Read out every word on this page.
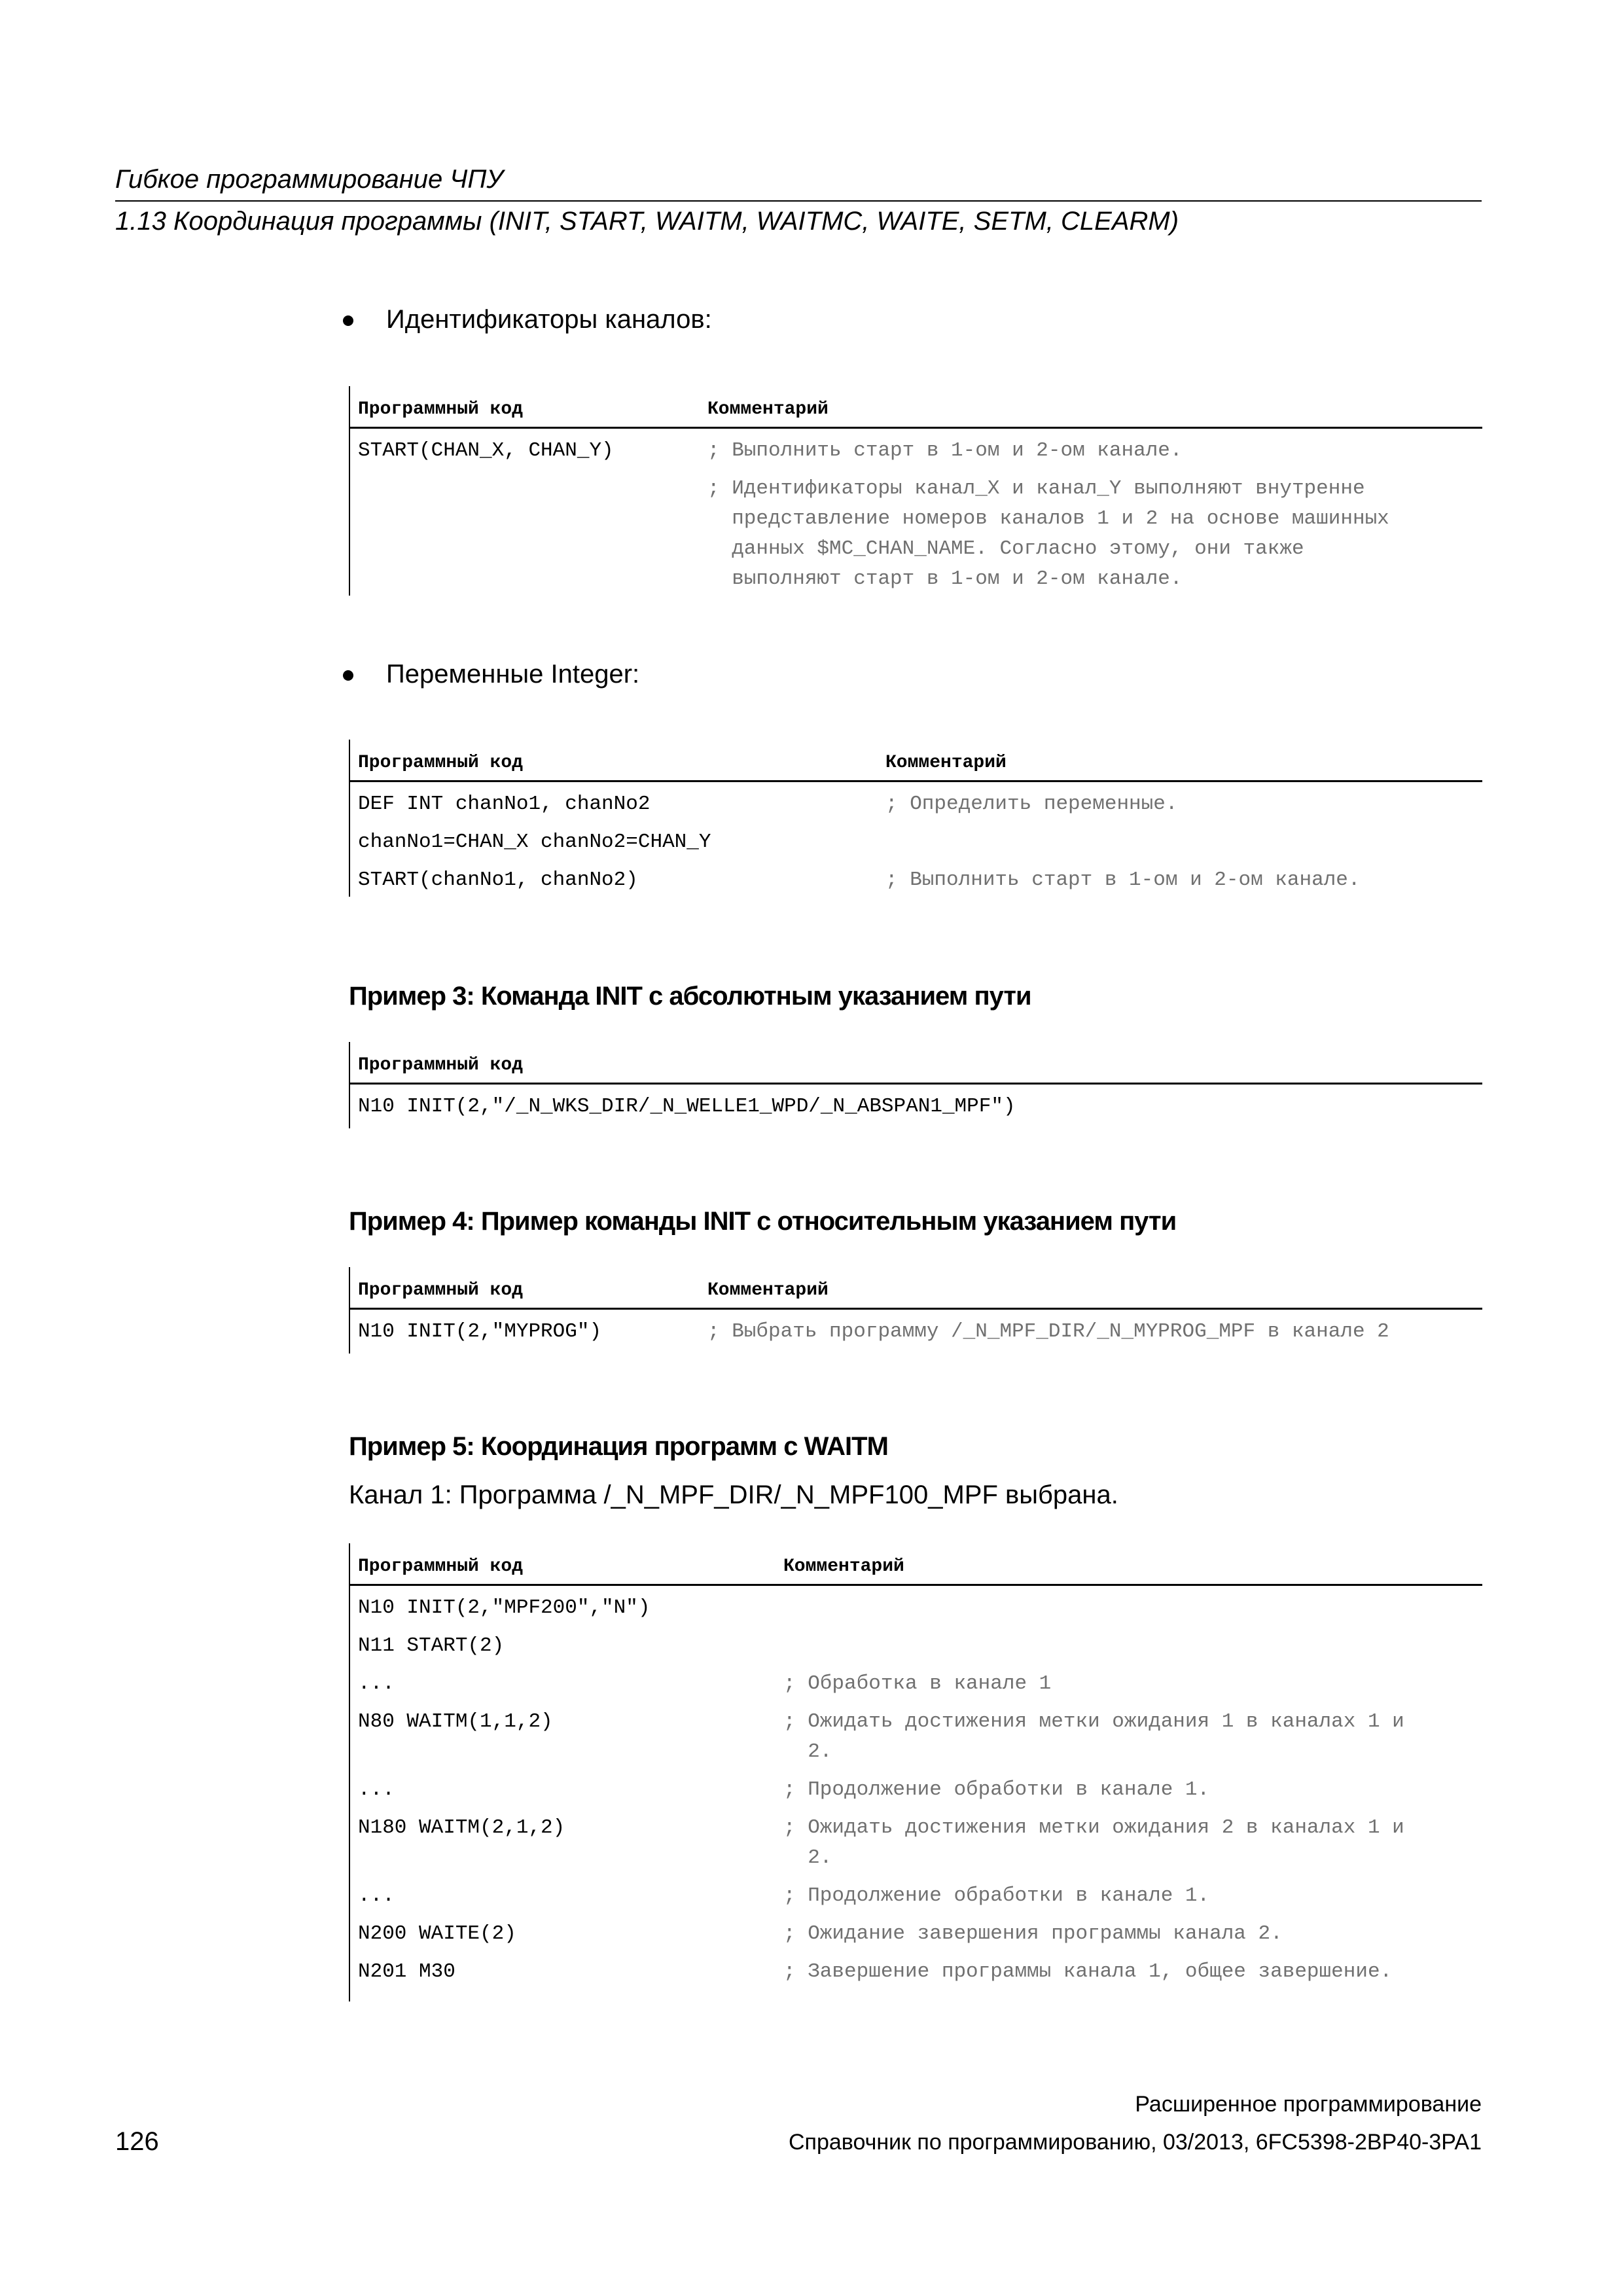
Гибкое программирование ЧПУ
1.13 Координация программы (INIT, START, WAITM, WAITMC, WAITE, SETM, CLEARM)
Идентификаторы каналов:
Программный код	Комментарий
START(CHAN_X, CHAN_Y)	; Выполнить старт в 1-ом и 2-ом канале.
; Идентификаторы канал_X и канал_Y выполняют внутренне
представление номеров каналов 1 и 2 на основе машинных
данных $MC_CHAN_NAME. Согласно этому, они также
выполняют старт в 1-ом и 2-ом канале.
Переменные Integer:
Программный код	Комментарий
DEF INT chanNo1, chanNo2	; Определить переменные.
chanNo1=CHAN_X chanNo2=CHAN_Y
START(chanNo1, chanNo2)	; Выполнить старт в 1-ом и 2-ом канале.
Пример 3: Команда INIT с абсолютным указанием пути
Программный код
N10 INIT(2,"/_N_WKS_DIR/_N_WELLE1_WPD/_N_ABSPAN1_MPF")
Пример 4: Пример команды INIT с относительным указанием пути
Программный код	Комментарий
N10 INIT(2,"MYPROG")	; Выбрать программу /_N_MPF_DIR/_N_MYPROG_MPF в канале 2
Пример 5: Координация программ с WAITM
Канал 1: Программа /_N_MPF_DIR/_N_MPF100_MPF выбрана.
Программный код	Комментарий
N10 INIT(2,"MPF200","N")
N11 START(2)
...	; Обработка в канале 1
N80 WAITM(1,1,2)	; Ожидать достижения метки ожидания 1 в каналах 1 и
2.
...	; Продолжение обработки в канале 1.
N180 WAITM(2,1,2)	; Ожидать достижения метки ожидания 2 в каналах 1 и
2.
...	; Продолжение обработки в канале 1.
N200 WAITE(2)	; Ожидание завершения программы канала 2.
N201 M30	; Завершение программы канала 1, общее завершение.
Расширенное программирование
126	Справочник по программированию, 03/2013, 6FC5398-2BP40-3PA1
